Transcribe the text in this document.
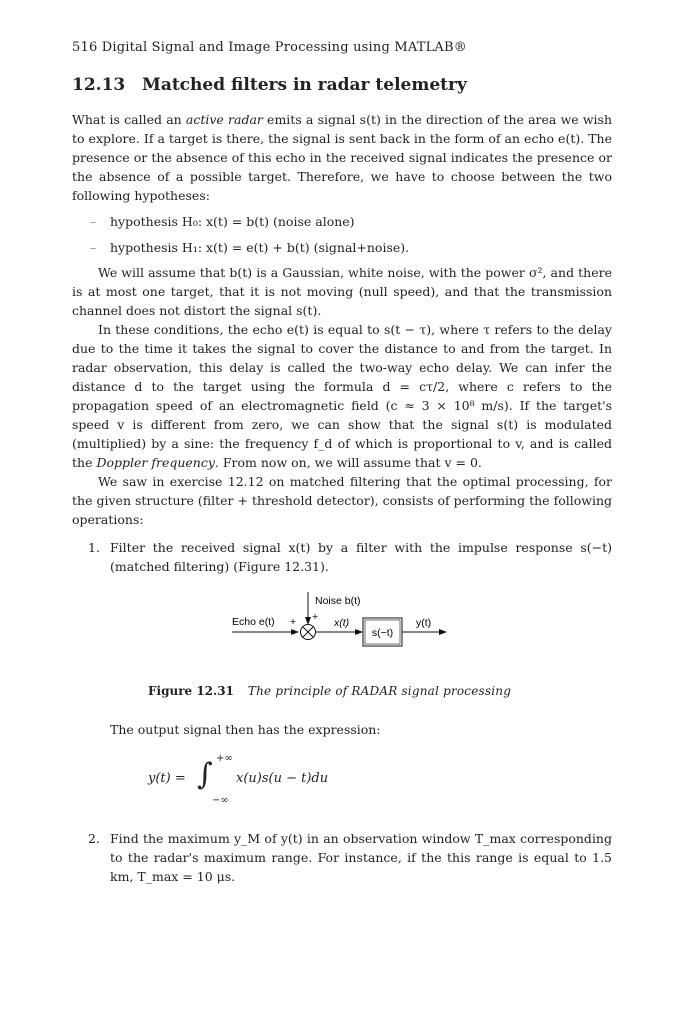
516 Digital Signal and Image Processing using MATLAB®
12.13 Matched filters in radar telemetry

What is called an active radar emits a signal s(t) in the direction of the area we wish to explore. If a target is there, the signal is sent back in the form of an echo e(t). The presence or the absence of this echo in the received signal indicates the presence or the absence of a possible target. Therefore, we have to choose between the two following hypotheses:

– hypothesis H₀: x(t) = b(t) (noise alone)
– hypothesis H₁: x(t) = e(t) + b(t) (signal+noise).

We will assume that b(t) is a Gaussian, white noise, with the power σ², and there is at most one target, that it is not moving (null speed), and that the transmission channel does not distort the signal s(t).

In these conditions, the echo e(t) is equal to s(t − τ), where τ refers to the delay due to the time it takes the signal to cover the distance to and from the target. In radar observation, this delay is called the two-way echo delay. We can infer the distance d to the target using the formula d = cτ/2, where c refers to the propagation speed of an electromagnetic field (c ≈ 3 × 10⁸ m/s). If the target's speed v is different from zero, we can show that the signal s(t) is modulated (multiplied) by a sine: the frequency f_d of which is proportional to v, and is called the Doppler frequency. From now on, we will assume that v = 0.

We saw in exercise 12.12 on matched filtering that the optimal processing, for the given structure (filter + threshold detector), consists of performing the following operations:

1. Filter the received signal x(t) by a filter with the impulse response s(−t) (matched filtering) (Figure 12.31).
Noise b(t)
Echo e(t) + + x(t)
s(−t)
y(t)
Figure 12.31 The principle of RADAR signal processing
The output signal then has the expression:
y(t) = ∫ +∞
−∞
x(u)s(u − t)du
2. Find the maximum y_M of y(t) in an observation window T_max corresponding to the radar's maximum range. For instance, if the this range is equal to 1.5 km, T_max = 10 μs.
